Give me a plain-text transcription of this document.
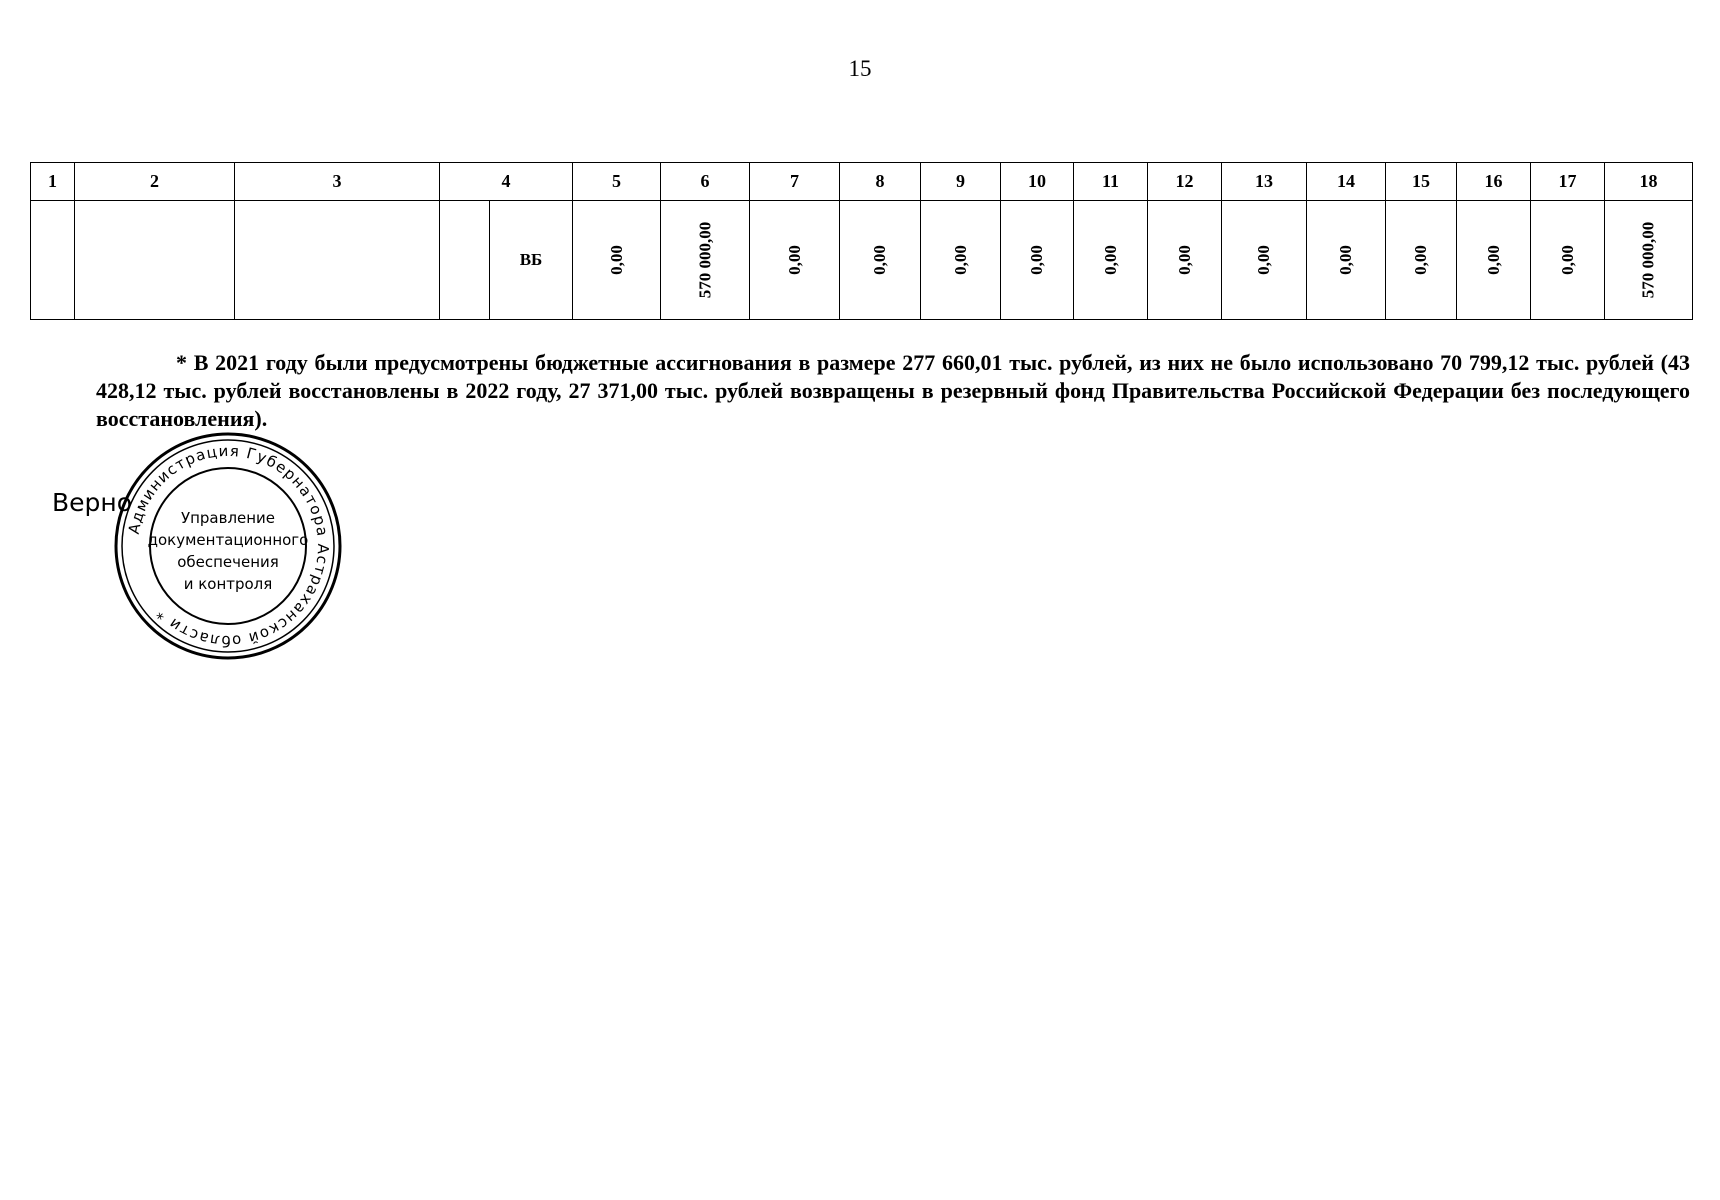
15
1	2	3	4		5	6	7	8	9	10	11	12	13	14	15	16	17	18
				ВБ	0,00	570 000,00	0,00	0,00	0,00	0,00	0,00	0,00	0,00	0,00	0,00	0,00	0,00	570 000,00
* В 2021 году были предусмотрены бюджетные ассигнования в размере 277 660,01 тыс. рублей, из них не было использовано 70 799,12 тыс. рублей (43 428,12 тыс. рублей восстановлены в 2022 году, 27 371,00 тыс. рублей возвращены в резервный фонд Правительства Российской Федерации без последующего восстановления).
Верно
Администрация Губернатора Астраханской области *
Управление
документационного
обеспечения
и контроля
